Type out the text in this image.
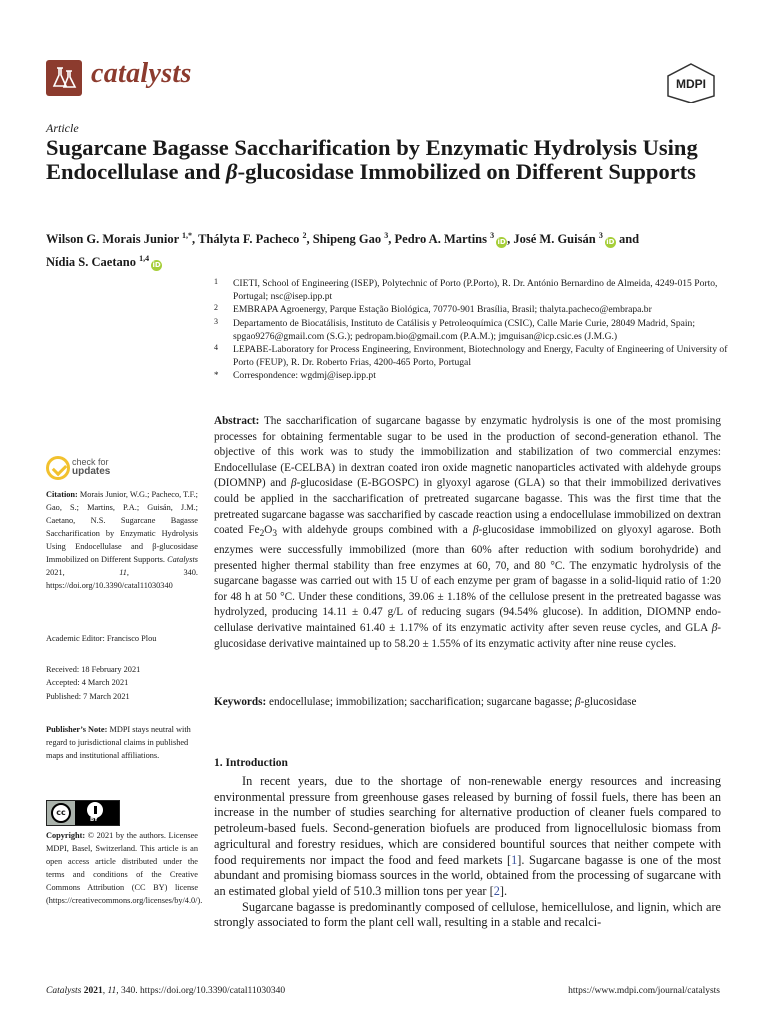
catalysts	MDPI
Article
Sugarcane Bagasse Saccharification by Enzymatic Hydrolysis Using Endocellulase and β-glucosidase Immobilized on Different Supports
Wilson G. Morais Junior $^{1,*}$, Thályta F. Pacheco $^2$, Shipeng Gao $^3$, Pedro A. Martins $^3$iD, José M. Guisán $^3$iD and
Nídia S. Caetano $^{1,4}$iD
1 CIETI, School of Engineering (ISEP), Polytechnic of Porto (P.Porto), R. Dr. António Bernardino de Almeida, 4249-015 Porto, Portugal; nsc@isep.ipp.pt
2 EMBRAPA Agroenergy, Parque Estação Biológica, 70770-901 Brasília, Brasil; thalyta.pacheco@embrapa.br
3 Departamento de Biocatálisis, Instituto de Catálisis y Petroleoquímica (CSIC), Calle Marie Curie, 28049 Madrid, Spain; spgao9276@gmail.com (S.G.); pedropam.bio@gmail.com (P.A.M.); jmguisan@icp.csic.es (J.M.G.)
4 LEPABE-Laboratory for Process Engineering, Environment, Biotechnology and Energy, Faculty of Engineering of University of Porto (FEUP), R. Dr. Roberto Frias, 4200-465 Porto, Portugal
* Correspondence: wgdmj@isep.ipp.pt
Abstract: The saccharification of sugarcane bagasse by enzymatic hydrolysis is one of the most promising processes for obtaining fermentable sugar to be used in the production of second-generation ethanol. The objective of this work was to study the immobilization and stabilization of two commercial enzymes: Endocellulase (E-CELBA) in dextran coated iron oxide magnetic nanoparticles activated with aldehyde groups (DIOMNP) and β-glucosidase (E-BGOSPC) in glyoxyl agarose (GLA) so that their immobilized derivatives could be applied in the saccharification of pretreated sugarcane bagasse. This was the first time that the pretreated sugarcane bagasse was saccharified by cascade reaction using a endocellulase immobilized on dextran coated $Fe_2O_3$ with aldehyde groups combined with a β-glucosidase immobilized on glyoxyl agarose. Both enzymes were successfully immobilized (more than 60% after reduction with sodium borohydride) and presented higher thermal stability than free enzymes at 60, 70, and 80 °C. The enzymatic hydrolysis of the sugarcane bagasse was carried out with 15 U of each enzyme per gram of bagasse in a solid-liquid ratio of 1:20 for 48 h at 50 °C. Under these conditions, 39.06 ± 1.18% of the cellulose present in the pretreated bagasse was hydrolyzed, producing 14.11 ± 0.47 g/L of reducing sugars (94.54% glucose). In addition, DIOMNP endo-cellulase derivative maintained 61.40 ± 1.17% of its enzymatic activity after seven reuse cycles, and GLA β-glucosidase derivative maintained up to 58.20 ± 1.55% of its enzymatic activity after nine reuse cycles.
Keywords: endocellulase; immobilization; saccharification; sugarcane bagasse; β-glucosidase
1. Introduction

In recent years, due to the shortage of non-renewable energy resources and increasing environmental pressure from greenhouse gases released by burning of fossil fuels, there has been an increase in the number of studies searching for alternative production of cleaner fuels compared to petroleum-based fuels. Second-generation biofuels are produced from lignocellulosic biomass from agricultural and forestry residues, which are considered bountiful sources that neither compete with food requirements nor impact the food and feed markets [1]. Sugarcane bagasse is one of the most abundant and promising biomass sources in the world, obtained from the processing of sugarcane with an estimated global yield of 510.3 million tons per year [2].

Sugarcane bagasse is predominantly composed of cellulose, hemicellulose, and lignin, which are strongly associated to form the plant cell wall, resulting in a stable and recalci-

check for
updates
Citation: Morais Junior, W.G.; Pacheco, T.F.; Gao, S.; Martins, P.A.; Guisán, J.M.; Caetano, N.S. Sugarcane Bagasse Saccharification by Enzymatic Hydrolysis Using Endocellulase and β-glucosidase Immobilized on Different Supports. Catalysts 2021, 11, 340. https://doi.org/10.3390/catal11030340
Academic Editor: Francisco Plou
Received: 18 February 2021
Accepted: 4 March 2021
Published: 7 March 2021
Publisher’s Note: MDPI stays neutral with regard to jurisdictional claims in published maps and institutional affiliations.
cc
BY
Copyright: © 2021 by the authors. Licensee MDPI, Basel, Switzerland. This article is an open access article distributed under the terms and conditions of the Creative Commons Attribution (CC BY) license (https://creativecommons.org/licenses/by/4.0/).
Catalysts 2021, 11, 340. https://doi.org/10.3390/catal11030340	https://www.mdpi.com/journal/catalysts
